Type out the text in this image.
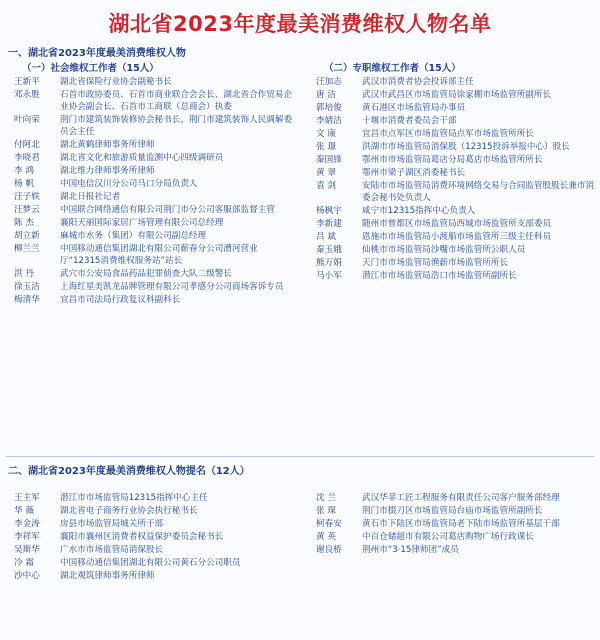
湖北省2023年度最美消费维权人物名单
一、湖北省2023年度最美消费维权人物
（一）社会维权工作者（15人）
王新平	湖北省保险行业协会副秘书长
邓永胜	石首市政协委员、石首市商业联合会会长、湖北省合作贸易企业协会副会长、石首市工商联（总商会）执委
叶向荣	荆门市建筑装饰装修协会秘书长、荆门市建筑装饰人民调解委员会主任
付阿北	湖北黄鹤律师事务所律师
李晓君	湖北省文化和旅游质量监测中心四级调研员
李 鸿	湖北维力律师事务所律师
杨 帆	中国电信汉川分公司马口分局负责人
汪子轶	湖北日报社记者
汪梦云	中国联合网络通信有限公司荆门市分公司客服部监督主管
陈 杰	襄阳天丽国际家居广场管理有限公司总经理
胡立新	麻城市水务（集团）有限公司副总经理
柳兰兰	中国移动通信集团湖北有限公司蕲春分公司漕河营业厅“12315消费维权服务站”站长
洪 丹	武穴市公安局食品药品犯罪侦查大队二级警长
徐玉洁	上海红星美凯龙品牌管理有限公司孝感分公司商场客诉专员
梅清华	宜昌市司法局行政复议科副科长
（二）专职维权工作者（15人）
汪加志	武汉市消费者协会投诉部主任
唐 洁	武汉市武昌区市场监管局徐家棚市场监管所副所长
郭培俊	黄石港区市场监管局办事员
李婧洁	十堰市消费者委员会干部
文 康	宜昌市点军区市场监管局点军市场监管所所长
张 璟	洪湖市市场监管局消保股（12315投诉举报中心）股长
秦国锋	鄂州市市场监管局葛店分局葛店市场监管所所长
黄 翠	鄂州市梁子湖区消委秘书长
袁 剑	安陆市市场监管局消费环境网络交易与合同监管股股长兼市消委会秘书处负责人
杨枫宇	咸宁市12315指挥中心负责人
李新建	随州市曾都区市场监管局西城市场监管所支部委员
吕 斌	恩施市市场监管局小渡船市场监管所三级主任科员
秦玉娥	仙桃市市场监管局沙嘴市场监管所公职人员
熊万娟	天门市市场监管局渔薪市场监管所所长
马小军	潜江市市场监管局浩口市场监管所副所长
二、湖北省2023年度最美消费维权人物提名（12人）
王主军	潜江市市场监管局12315指挥中心主任
华 薇	湖北省电子商务行业协会执行秘书长
李金涛	房县市场监管局城关所干部
李祥军	襄阳市襄州区消费者权益保护委员会秘书长
吴斯华	广水市市场监管局消保股长
冷 霜	中国移动通信集团湖北有限公司黄石分公司职员
沙中心	湖北观筑律师事务所律师
沈 兰	武汉华菲工匠工程服务有限责任公司客户服务部经理
张 琛	荆门市掇刀区市场监管局台庙市场监管所副所长
柯春安	黄石市下陆区市场监管局老下陆市场监管所基层干部
黄 英	中百仓储超市有限公司葛店购物广场行政课长
谢良桥	荆州市“3·15律师团”成员
